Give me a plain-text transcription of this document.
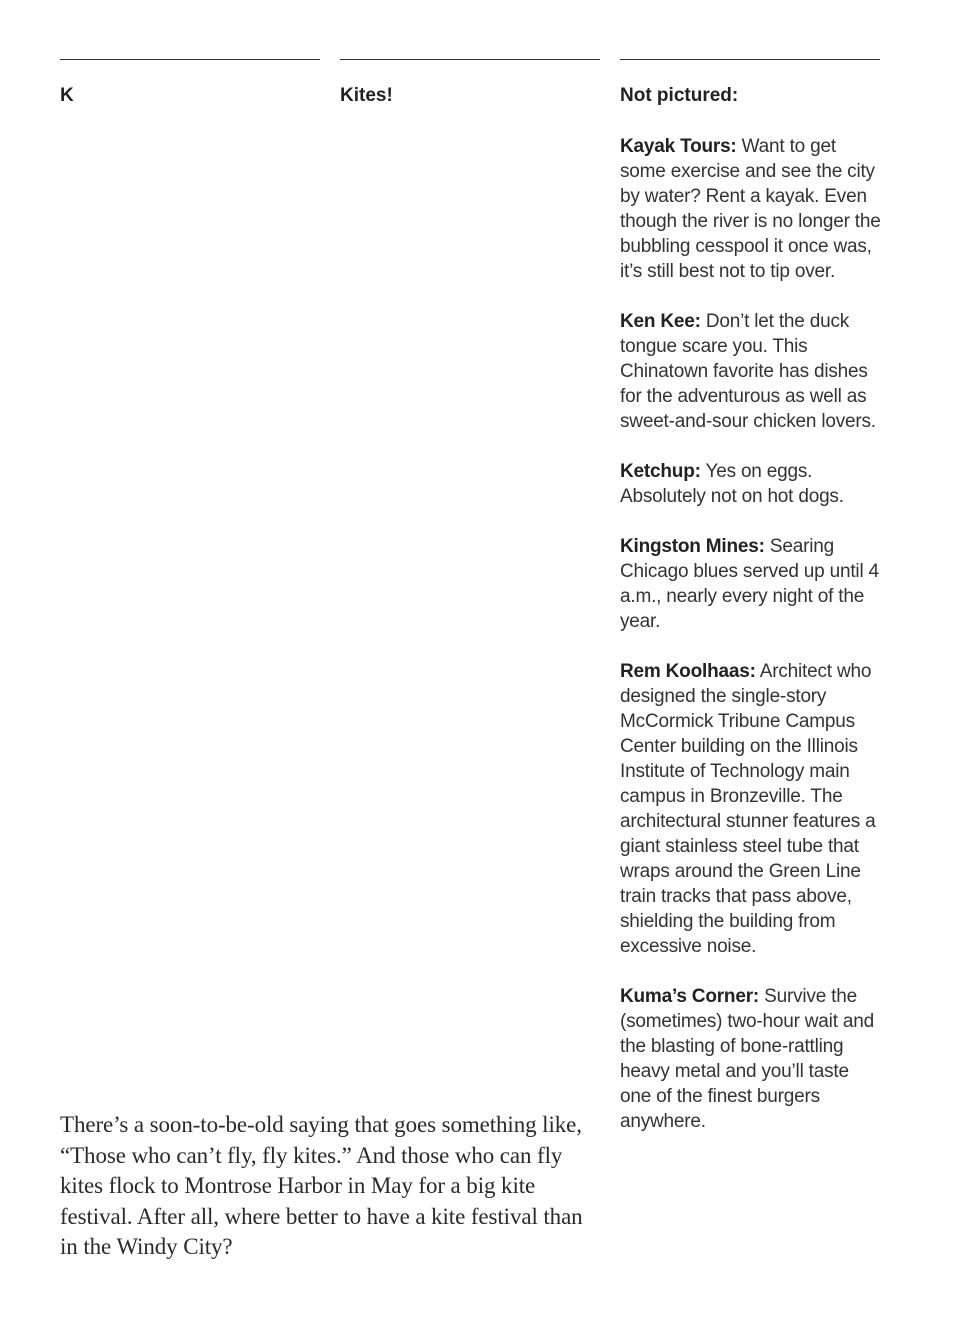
K	Kites!	Not pictured:

Kayak Tours: Want to get some exercise and see the city by water? Rent a kayak. Even though the river is no longer the bubbling cesspool it once was, it’s still best not to tip over.

Ken Kee: Don’t let the duck tongue scare you. This Chinatown favorite has dishes for the adventurous as well as sweet-and-sour chicken lovers.

Ketchup: Yes on eggs. Absolutely not on hot dogs.

Kingston Mines: Searing Chicago blues served up until 4 a.m., nearly every night of the year.

Rem Koolhaas: Architect who designed the single-story McCormick Tribune Campus Center building on the Illinois Institute of Technology main campus in Bronzeville. The architectural stunner features a giant stainless steel tube that wraps around the Green Line train tracks that pass above, shielding the building from excessive noise.

Kuma’s Corner: Survive the (sometimes) two-hour wait and the blasting of bone-rattling heavy metal and you’ll taste one of the finest burgers anywhere.

There’s a soon-to-be-old saying that goes something like, “Those who can’t fly, fly kites.” And those who can fly kites flock to Montrose Harbor in May for a big kite festival. After all, where better to have a kite festival than in the Windy City?
